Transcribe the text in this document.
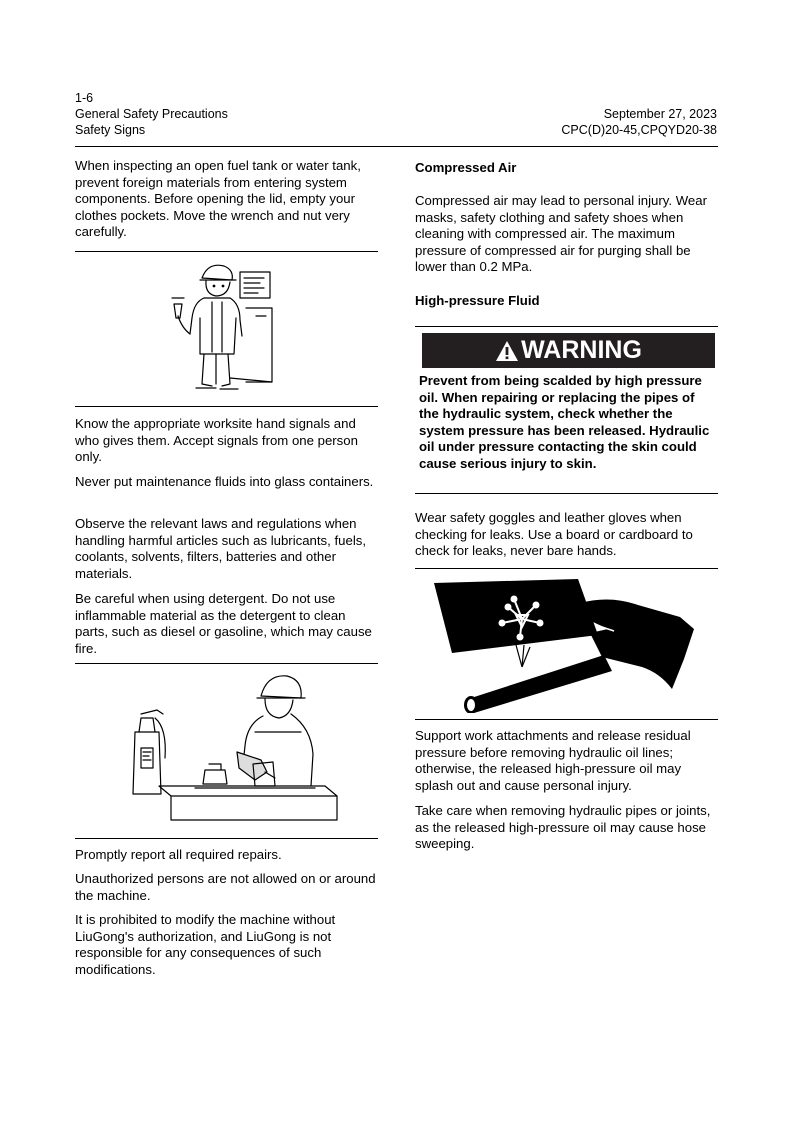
1-6
General Safety Precautions
Safety Signs
September 27, 2023
CPC(D)20-45,CPQYD20-38

When inspecting an open fuel tank or water tank, prevent foreign materials from entering system components. Before opening the lid, empty your clothes pockets. Move the wrench and nut very carefully.

Know the appropriate worksite hand signals and who gives them. Accept signals from one person only.

Never put maintenance fluids into glass containers.

Observe the relevant laws and regulations when handling harmful articles such as lubricants, fuels, coolants, solvents, filters, batteries and other materials.

Be careful when using detergent. Do not use inflammable material as the detergent to clean parts, such as diesel or gasoline, which may cause fire.

Promptly report all required repairs.

Unauthorized persons are not allowed on or around the machine.

It is prohibited to modify the machine without LiuGong's authorization, and LiuGong is not responsible for any consequences of such modifications.

Compressed Air

Compressed air may lead to personal injury. Wear masks, safety clothing and safety shoes when cleaning with compressed air. The maximum pressure of compressed air for purging shall be lower than 0.2 MPa.

High-pressure Fluid
WARNING

Prevent from being scalded by high pressure oil. When repairing or replacing the pipes of the hydraulic system, check whether the system pressure has been released. Hydraulic oil under pressure contacting the skin could cause serious injury to skin.

Wear safety goggles and leather gloves when checking for leaks. Use a board or cardboard to check for leaks, never bare hands.

Support work attachments and release residual pressure before removing hydraulic oil lines; otherwise, the released high-pressure oil may splash out and cause personal injury.

Take care when removing hydraulic pipes or joints, as the released high-pressure oil may cause hose sweeping.
